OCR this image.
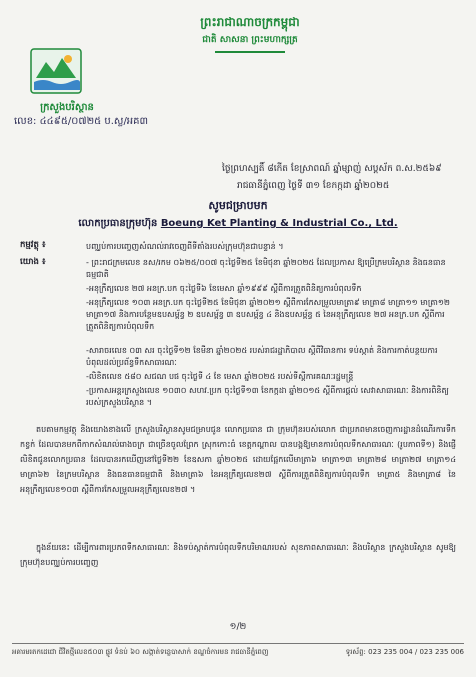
ព្រះរាជាណាចក្រកម្ពុជា
ជាតិ សាសនា ព្រះមហាក្សត្រ
ក្រសួងបរិស្ថាន
លេខ: ៤៤៩៥/០៧២៥ ប.ស្ល/អគ៣
ថ្ងៃព្រហស្បតិ៍ ៨កើត ខែស្រាពណ៍ ឆ្នាំម្សាញ់ សប្តស័ក ព.ស.២៥៦៩
រាជធានីភ្នំពេញ ថ្ងៃទី ៣១ ខែកក្កដា ឆ្នាំ២០២៥
សូមជម្រាបមក
លោកប្រធានក្រុមហ៊ុន Boeung Ket Planting & Industrial Co., Ltd.
កម្មវត្ថុ ៖	បញ្ឈប់ការបញ្ចេញសំណល់រាវចេញពីទីតាំងរបស់ក្រុមហ៊ុនជាបន្ទាន់ ។
យោង ៖	- ព្រះរាជក្រមលេខ នស/រកម ០៦២៥/០០៧ ចុះថ្ងៃទី២៥ ខែមិថុនា ឆ្នាំ២០២៥ ដែលប្រកាស ឱ្យប្រើក្រមបរិស្ថាន និងធនធានធម្មជាតិ
-អនុក្រឹត្យលេខ ២៧ អនក្រ.បក ចុះថ្ងៃទី៦ ខែមេសា ឆ្នាំ១៩៩៩ ស្តីពីការត្រួតពិនិត្យការបំពុលទឹក
-អនុក្រឹត្យលេខ ១០៣ អនក្រ.បក ចុះថ្ងៃទី២៥ ខែមិថុនា ឆ្នាំ២០២១ ស្តីពីការកែសម្រួលមាត្រា៩ មាត្រា៨ មាត្រា១១ មាត្រា១២ មាត្រា១៧ និងការបន្ថែមឧបសម្ព័ន្ធ ២ ឧបសម្ព័ន្ធ ៣ ឧបសម្ព័ន្ធ ៤ និងឧបសម្ព័ន្ធ ៥ នៃអនុក្រឹត្យលេខ ២៧ អនក្រ.បក ស្តីពីការត្រួតពិនិត្យការបំពុលទឹក
-សារាចរលេខ ០៣ សរ ចុះថ្ងៃទី១២ ខែមីនា ឆ្នាំ២០២៥ របស់រាជរដ្ឋាភិបាល ស្តីពីវិធានការ ទប់ស្កាត់ និងការកាត់បន្ថយការបំពុលដល់ប្រព័ន្ធទឹកសាធារណៈ
-លិខិតលេខ ៥៨០ សជណ បផ ចុះថ្ងៃទី ៤ ខែ មេសា ឆ្នាំ២០២៥ របស់ទីស្តីការគណៈរដ្ឋមន្ត្រី
-ប្រកាសអន្តរក្រសួងលេខ ១០៣០ សហវ.ប្រក ចុះថ្ងៃទី១៣ ខែកក្កដា ឆ្នាំ២០១៥ ស្តីពីការផ្តល់ សេវាសាធារណៈ និងការពិនិត្យរបស់ក្រសួងបរិស្ថាន ។
តបតាមកម្មវត្ថុ និងយោងខាងលើ ក្រសួងបរិស្ថានសូមជម្រាបជូន លោកប្រធាន ជា ក្រុមហ៊ុនរបស់លោក ជាប្រភពមានចេញការដ្ឋានដំណើរការទឹកកខ្វក់ ដែលបានមកពីកាកសំណល់រោងចក្រ ជាច្រើនចូលព្រែក ស្រុកកោះធំ ខេត្តកណ្តាល បានបង្កឱ្យមានការបំពុលទឹកសាធារណៈ (រូបភាពទី១) និងផ្ញើលិខិតជូនលោកប្រធាន ដែលបានរកឃើញនៅថ្ងៃទី២២ ខែឧសភា ឆ្នាំ២០២៥ ដោយផ្អែកលើមាត្រា៦ មាត្រា១៣ មាត្រា២៨ មាត្រា២៧ មាត្រា១៤ មាត្រា៦២ នៃក្រមបរិស្ថាន និងធនធានធម្មជាតិ និងមាត្រា៦ នៃអនុក្រឹត្យលេខ២៧ ស្តីពីការត្រួតពិនិត្យការបំពុលទឹក មាត្រា៥ និងមាត្រា៨ នៃអនុក្រឹត្យលេខ១០៣ ស្តីពីការកែសម្រួលអនុក្រឹត្យលេខ២៧ ។
ក្នុងន័យនេះ ដើម្បីការពារប្រភពទឹកសាធារណៈ និងទប់ស្កាត់ការបំពុលទឹកបរិមាណរបស់ សុខភាពសាធារណៈ និងបរិស្ថាន ក្រសួងបរិស្ថាន សូមឱ្យក្រុមហ៊ុនបញ្ឈប់ការបញ្ចេញ
១/២
អគារមរតកដេជោ ជីវិតថ្មីលេខ៥០៣ ផ្លូវ ទំនប់ ៦០ សង្កាត់ទន្លេបាសាក់ ខណ្ឌចំការមន រាជធានីភ្នំពេញ	ទូរស័ព្ទ: 023 235 004 / 023 235 006
